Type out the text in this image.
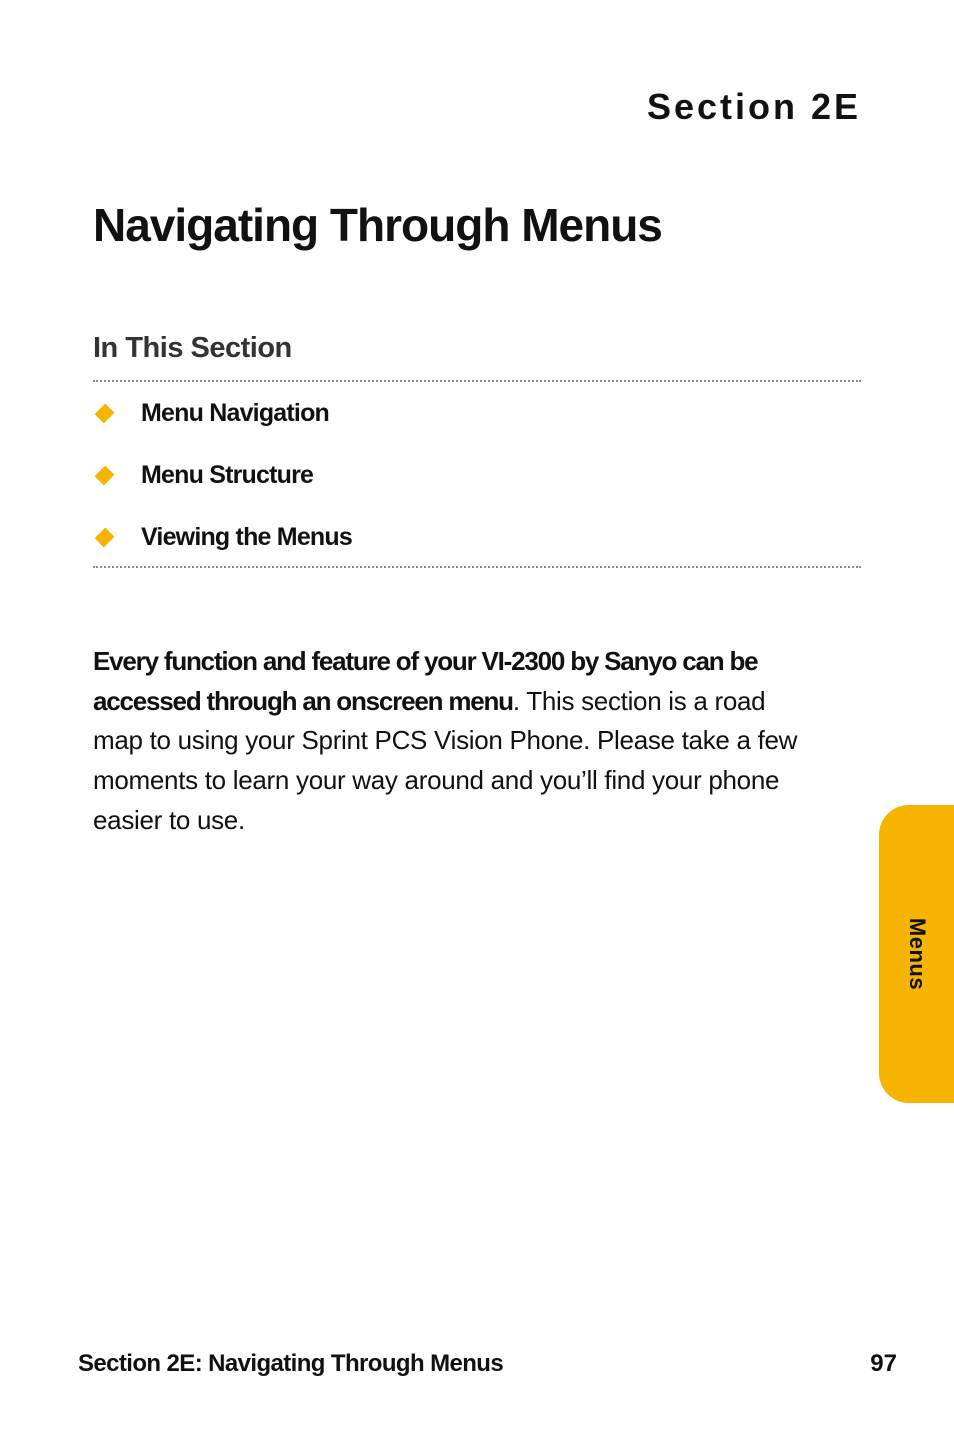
Section 2E
Navigating Through Menus
In This Section
Menu Navigation
Menu Structure
Viewing the Menus

Every function and feature of your VI-2300 by Sanyo can be accessed through an onscreen menu. This section is a road map to using your Sprint PCS Vision Phone. Please take a few moments to learn your way around and you’ll find your phone easier to use.

Menus
Section 2E: Navigating Through Menus	97
